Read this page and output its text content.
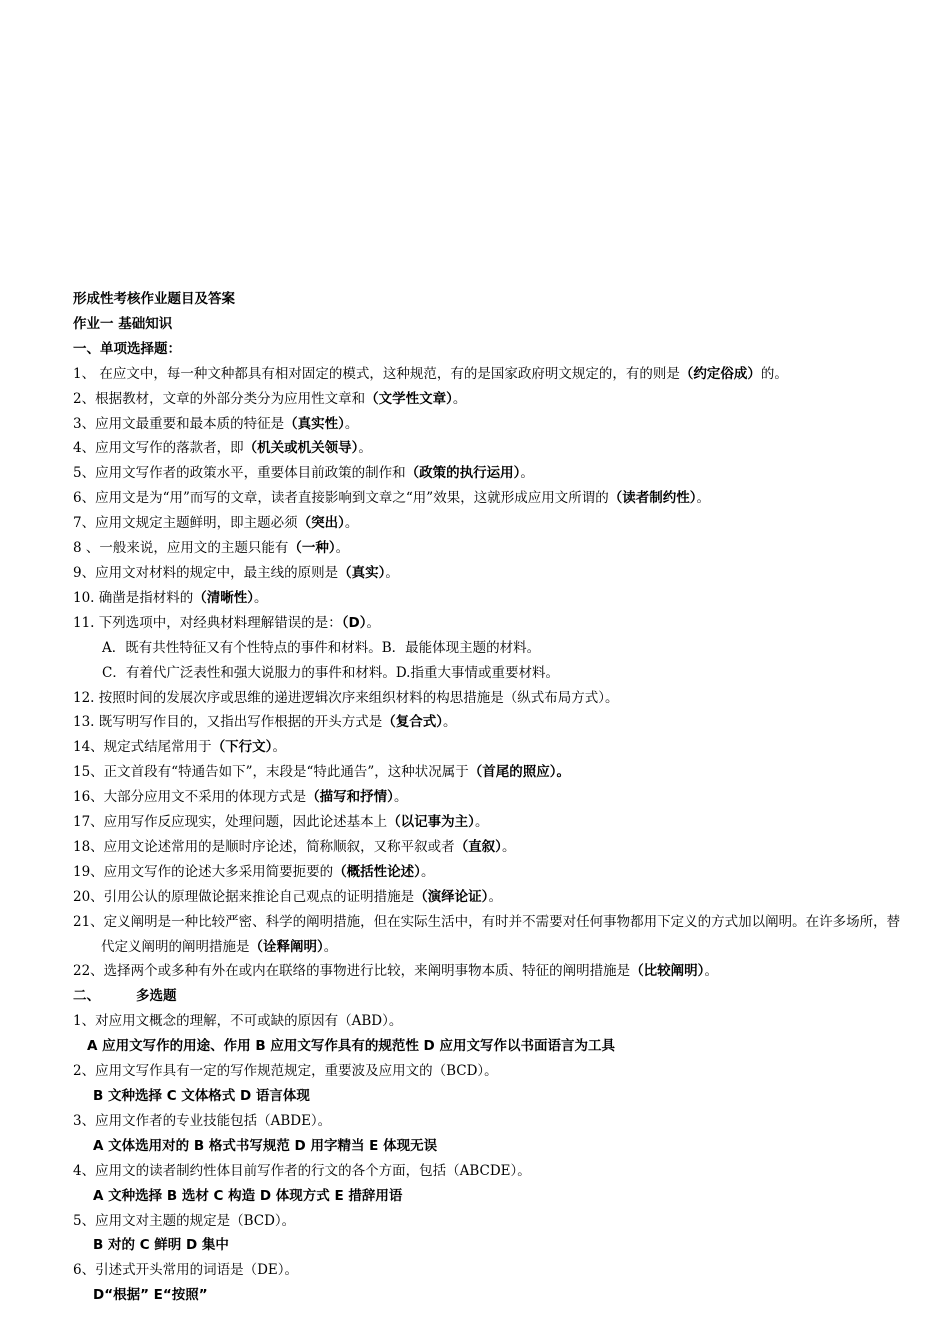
形成性考核作业题目及答案
作业一 基础知识
一、单项选择题：
1、 在应文中，每一种文种都具有相对固定的模式，这种规范，有的是国家政府明文规定的，有的则是（约定俗成）的。
2、根据教材，文章的外部分类分为应用性文章和（文学性文章）。
3、应用文最重要和最本质的特征是（真实性）。
4、应用文写作的落款者，即（机关或机关领导）。
5、应用文写作者的政策水平，重要体目前政策的制作和（政策的执行运用）。
6、应用文是为“用”而写的文章，读者直接影响到文章之“用”效果，这就形成应用文所谓的（读者制约性）。
7、应用文规定主题鲜明，即主题必须（突出）。
8 、一般来说，应用文的主题只能有（一种）。
9、应用文对材料的规定中，最主线的原则是（真实）。
10. 确凿是指材料的（清晰性）。
11. 下列选项中，对经典材料理解错误的是：（D）。
A．既有共性特征又有个性特点的事件和材料。B．最能体现主题的材料。
C．有着代广泛表性和强大说服力的事件和材料。D.指重大事情或重要材料。
12. 按照时间的发展次序或思维的递进逻辑次序来组织材料的构思措施是（纵式布局方式）。
13. 既写明写作目的，又指出写作根据的开头方式是（复合式）。
14、规定式结尾常用于（下行文）。
15、正文首段有“特通告如下”，末段是“特此通告”，这种状况属于（首尾的照应）。
16、大部分应用文不采用的体现方式是（描写和抒情）。
17、应用写作反应现实，处理问题，因此论述基本上（以记事为主）。
18、应用文论述常用的是顺时序论述，简称顺叙，又称平叙或者（直叙）。
19、应用文写作的论述大多采用简要扼要的（概括性论述）。
20、引用公认的原理做论据来推论自己观点的证明措施是（演绎论证）。
21、定义阐明是一种比较严密、科学的阐明措施，但在实际生活中，有时并不需要对任何事物都用下定义的方式加以阐明。在许多场所，替代定义阐明的阐明措施是（诠释阐明）。
22、选择两个或多种有外在或内在联络的事物进行比较，来阐明事物本质、特征的阐明措施是（比较阐明）。
二、	多选题
1、对应用文概念的理解，不可或缺的原因有（ABD）。
A 应用文写作的用途、作用 B 应用文写作具有的规范性 D 应用文写作以书面语言为工具
2、应用文写作具有一定的写作规范规定，重要波及应用文的（BCD）。
B 文种选择 C 文体格式 D 语言体现
3、应用文作者的专业技能包括（ABDE）。
A 文体选用对的 B 格式书写规范 D 用字精当 E 体现无误
4、应用文的读者制约性体目前写作者的行文的各个方面，包括（ABCDE）。
A 文种选择 B 选材 C 构造 D 体现方式 E 措辞用语
5、应用文对主题的规定是（BCD）。
B 对的 C 鲜明 D 集中
6、引述式开头常用的词语是（DE）。
D“根据” E“按照”
